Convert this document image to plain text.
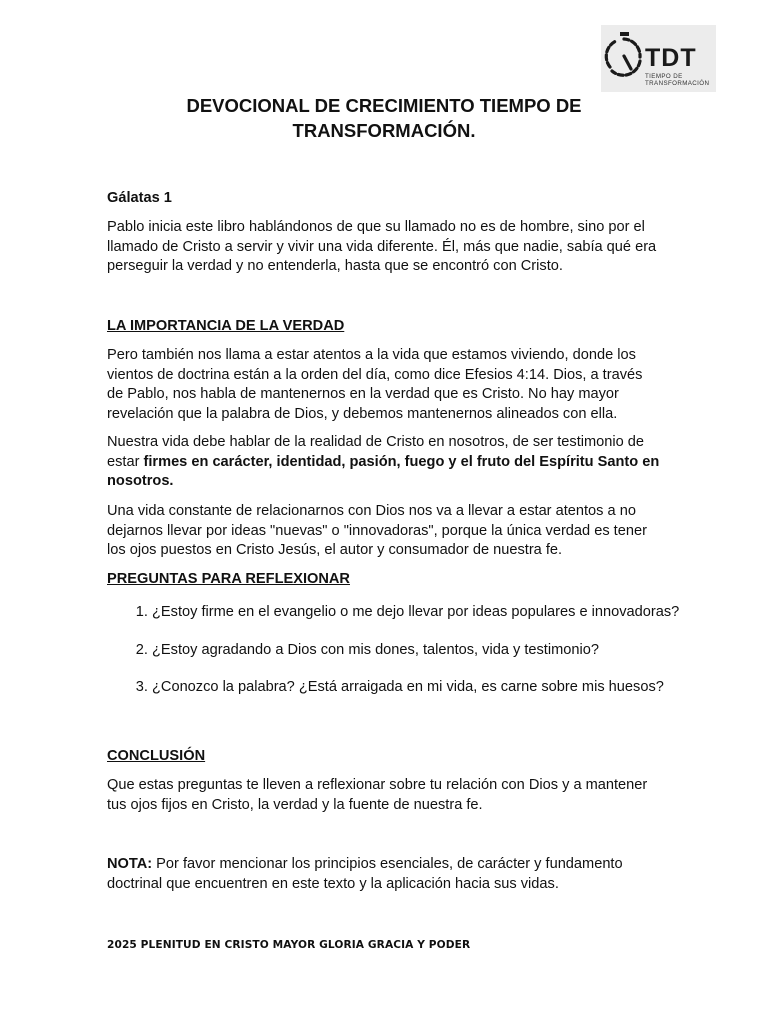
TDT
TIEMPO DE
TRANSFORMACIÓN
DEVOCIONAL DE CRECIMIENTO TIEMPO DE
TRANSFORMACIÓN.
Gálatas 1
Pablo inicia este libro hablándonos de que su llamado no es de hombre, sino por el llamado de Cristo a servir y vivir una vida diferente. Él, más que nadie, sabía qué era perseguir la verdad y no entenderla, hasta que se encontró con Cristo.
LA IMPORTANCIA DE LA VERDAD
Pero también nos llama a estar atentos a la vida que estamos viviendo, donde los vientos de doctrina están a la orden del día, como dice Efesios 4:14. Dios, a través de Pablo, nos habla de mantenernos en la verdad que es Cristo. No hay mayor revelación que la palabra de Dios, y debemos mantenernos alineados con ella.
Nuestra vida debe hablar de la realidad de Cristo en nosotros, de ser testimonio de estar firmes en carácter, identidad, pasión, fuego y el fruto del Espíritu Santo en nosotros.
Una vida constante de relacionarnos con Dios nos va a llevar a estar atentos a no dejarnos llevar por ideas "nuevas" o "innovadoras", porque la única verdad es tener los ojos puestos en Cristo Jesús, el autor y consumador de nuestra fe.
PREGUNTAS PARA REFLEXIONAR
1. ¿Estoy firme en el evangelio o me dejo llevar por ideas populares e innovadoras?
2. ¿Estoy agradando a Dios con mis dones, talentos, vida y testimonio?
3. ¿Conozco la palabra? ¿Está arraigada en mi vida, es carne sobre mis huesos?
CONCLUSIÓN
Que estas preguntas te lleven a reflexionar sobre tu relación con Dios y a mantener tus ojos fijos en Cristo, la verdad y la fuente de nuestra fe.
NOTA: Por favor mencionar los principios esenciales, de carácter y fundamento doctrinal que encuentren en este texto y la aplicación hacia sus vidas.
2025 PLENITUD EN CRISTO MAYOR GLORIA GRACIA Y PODER
